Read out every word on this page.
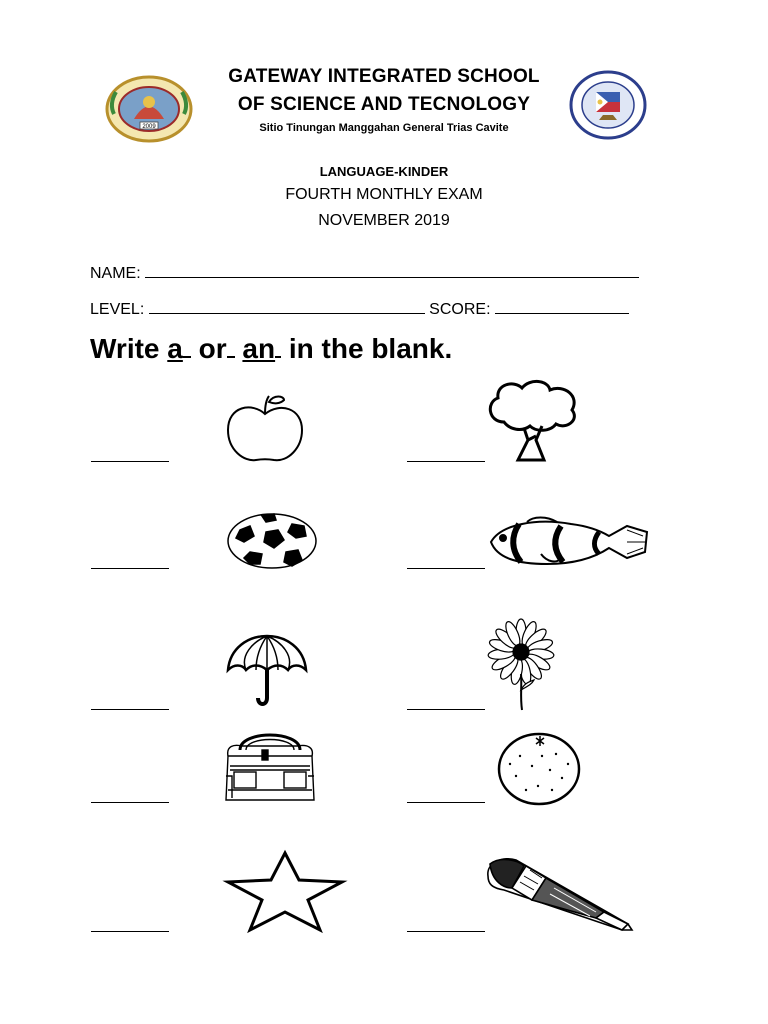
2009
GATEWAY INTEGRATED SCHOOL
OF SCIENCE AND TECNOLOGY
Sitio Tinungan Manggahan General Trias Cavite
LANGUAGE-KINDER
FOURTH MONTHLY EXAM
NOVEMBER 2019
NAME:
LEVEL:	SCORE:
Write a or an in the blank.
